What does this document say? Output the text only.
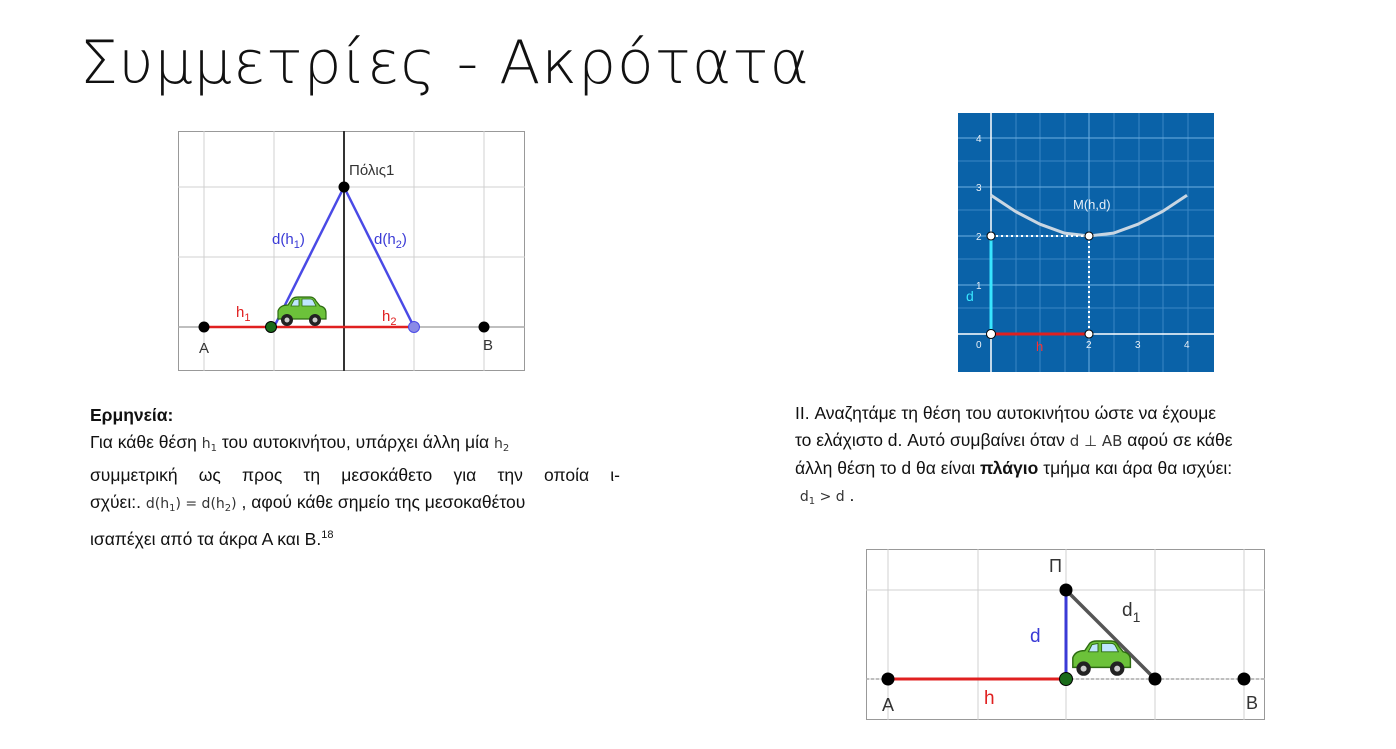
Συμμετρίες - Ακρότατα
Πόλις1
A	B
$d(h_1)$	$d(h_2)$
$h_1$	$h_2$
1
2
3
4
0	2	3	4
M(h,d)
d
h
Π
d
$d_1$
h
A	B
Ερμηνεία:
Για κάθε θέση $h_1$ του αυτοκινήτου, υπάρχει άλλη μία $h_2$
συμμετρική ως προς τη μεσοκάθετο για την οποία ι-
σχύει:. $d(h_1) = d(h_2)$ , αφού κάθε σημείο της μεσοκαθέτου
ισαπέχει από τα άκρα Α και Β.$^{18}$
II. Αναζητάμε τη θέση του αυτοκινήτου ώστε να έχουμε
το ελάχιστο d. Αυτό συμβαίνει όταν d ⊥ AB αφού σε κάθε
άλλη θέση το d θα είναι πλάγιο τμήμα και άρα θα ισχύει:
$d_1 > d$ .
